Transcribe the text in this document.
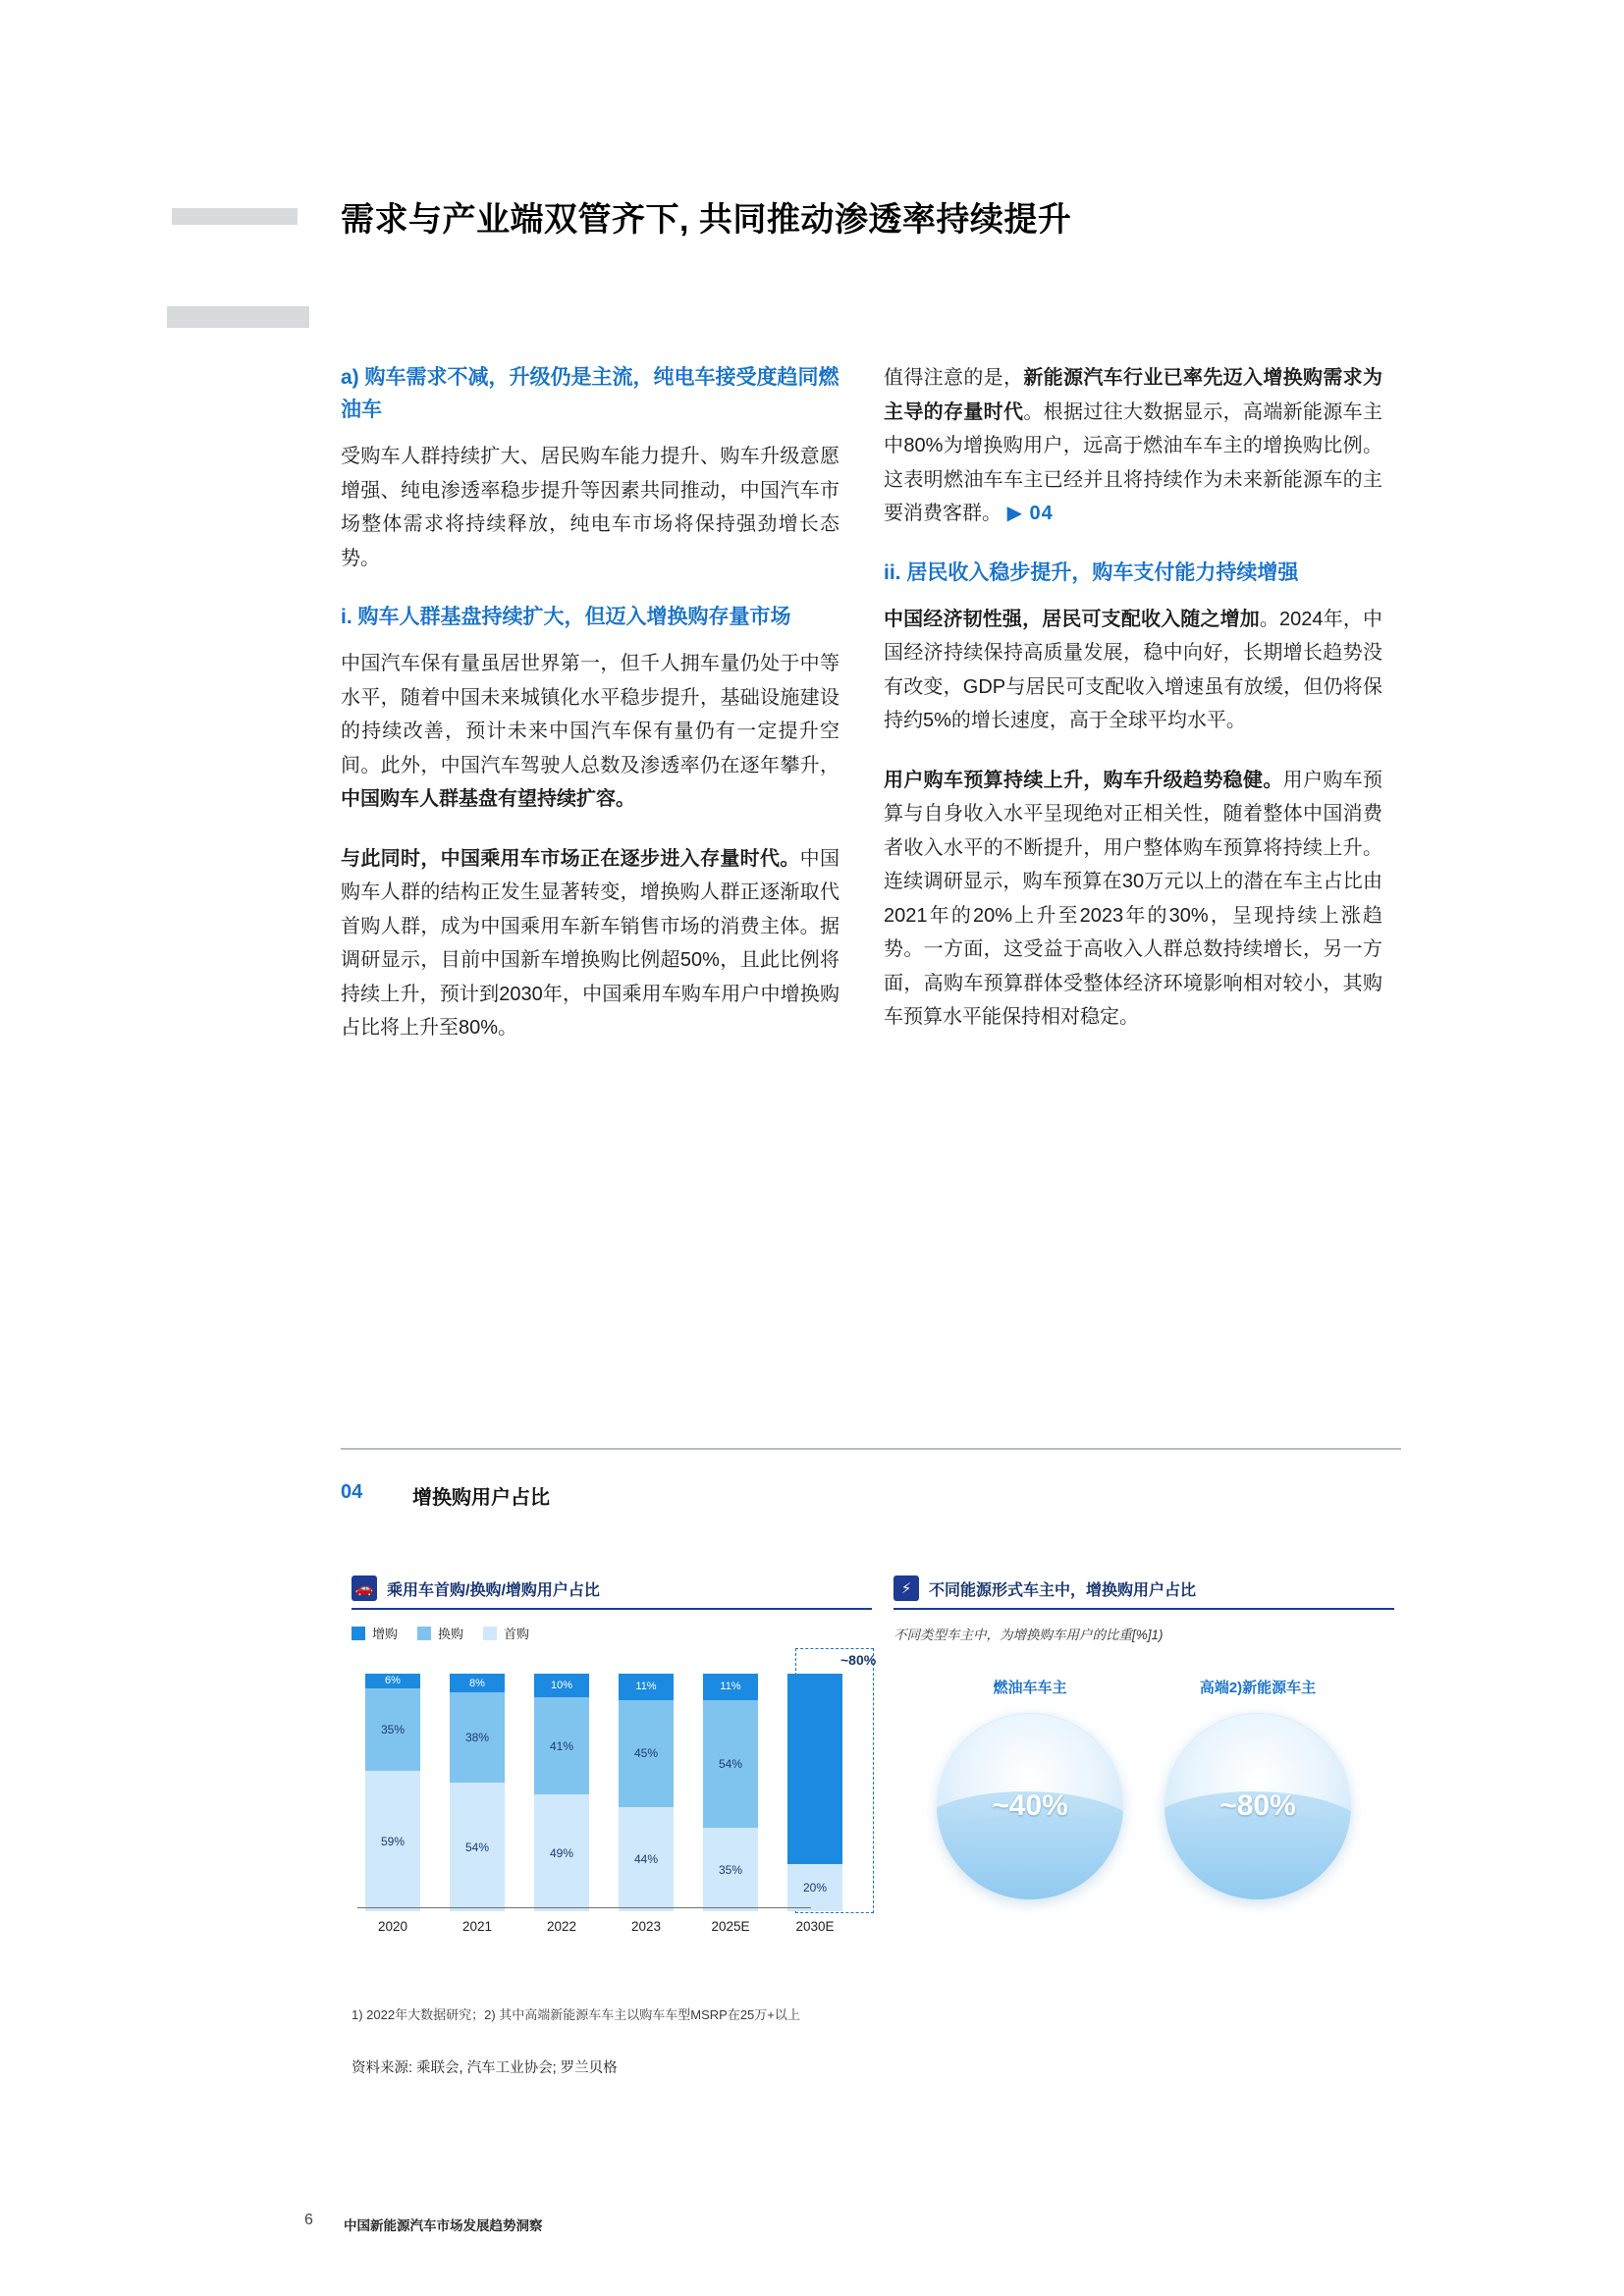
需求与产业端双管齐下, 共同推动渗透率持续提升
a) 购车需求不减，升级仍是主流，纯电车接受度趋同燃油车

受购车人群持续扩大、居民购车能力提升、购车升级意愿增强、纯电渗透率稳步提升等因素共同推动，中国汽车市场整体需求将持续释放，纯电车市场将保持强劲增长态势。

i. 购车人群基盘持续扩大，但迈入增换购存量市场

中国汽车保有量虽居世界第一，但千人拥车量仍处于中等水平，随着中国未来城镇化水平稳步提升，基础设施建设的持续改善，预计未来中国汽车保有量仍有一定提升空间。此外，中国汽车驾驶人总数及渗透率仍在逐年攀升，中国购车人群基盘有望持续扩容。

与此同时，中国乘用车市场正在逐步进入存量时代。中国购车人群的结构正发生显著转变，增换购人群正逐渐取代首购人群，成为中国乘用车新车销售市场的消费主体。据调研显示，目前中国新车增换购比例超50%，且此比例将持续上升，预计到2030年，中国乘用车购车用户中增换购占比将上升至80%。

值得注意的是，新能源汽车行业已率先迈入增换购需求为主导的存量时代。根据过往大数据显示，高端新能源车主中80%为增换购用户，远高于燃油车车主的增换购比例。这表明燃油车车主已经并且将持续作为未来新能源车的主要消费客群。 ▶ 04

ii. 居民收入稳步提升，购车支付能力持续增强

中国经济韧性强，居民可支配收入随之增加。2024年，中国经济持续保持高质量发展，稳中向好，长期增长趋势没有改变，GDP与居民可支配收入增速虽有放缓，但仍将保持约5%的增长速度，高于全球平均水平。

用户购车预算持续上升，购车升级趋势稳健。用户购车预算与自身收入水平呈现绝对正相关性，随着整体中国消费者收入水平的不断提升，用户整体购车预算将持续上升。连续调研显示，购车预算在30万元以上的潜在车主占比由2021年的20%上升至2023年的30%，呈现持续上涨趋势。一方面，这受益于高收入人群总数持续增长，另一方面，高购车预算群体受整体经济环境影响相对较小，其购车预算水平能保持相对稳定。

04	增换购用户占比
🚗 乘用车首购/换购/增购用户占比
增购	换购	首购
~80%
6%
35%
59%
8%
38%
54%
10%
41%
49%
11%
45%
44%
11%
54%
35%
20%
2020	2021	2022	2023	2025E	2030E
⚡	不同能源形式车主中，增换购用户占比
不同类型车主中，为增换购车用户的比重[%]1)
燃油车车主
~40%
高端2)新能源车主
~80%
1) 2022年大数据研究；2) 其中高端新能源车车主以购车车型MSRP在25万+以上
资料来源: 乘联会, 汽车工业协会; 罗兰贝格
6 中国新能源汽车市场发展趋势洞察
